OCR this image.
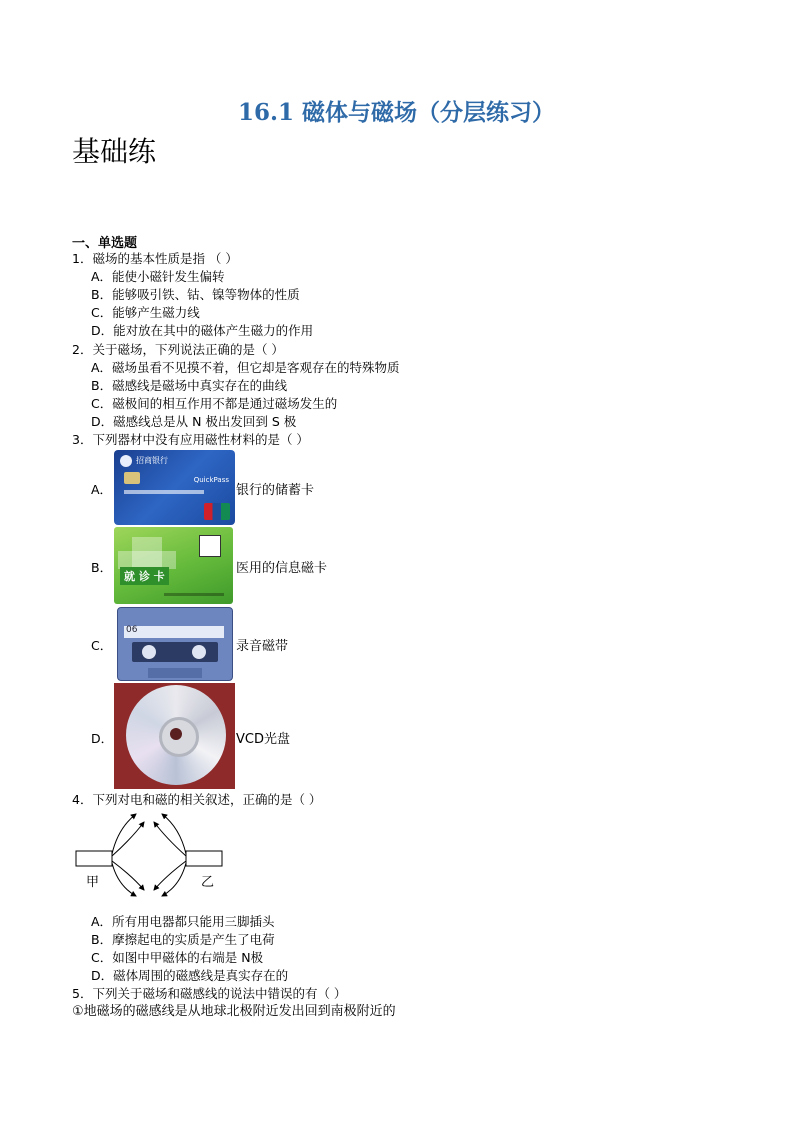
16.1 磁体与磁场（分层练习）
基础练
一、单选题
1．磁场的基本性质是指 （ ）
A．能使小磁针发生偏转
B．能够吸引铁、钴、镍等物体的性质
C．能够产生磁力线
D．能对放在其中的磁体产生磁力的作用
2．关于磁场，下列说法正确的是（ ）
A．磁场虽看不见摸不着，但它却是客观存在的特殊物质
B．磁感线是磁场中真实存在的曲线
C．磁极间的相互作用不都是通过磁场发生的
D．磁感线总是从 N 极出发回到 S 极
3．下列器材中没有应用磁性材料的是（ ）
A．
招商银行
QuickPass
银行的储蓄卡
B．
就 诊 卡
医用的信息磁卡
C．
06
录音磁带
D．	VCD光盘
4．下列对电和磁的相关叙述，正确的是（ ）
甲	乙
A．所有用电器都只能用三脚插头
B．摩擦起电的实质是产生了电荷
C．如图中甲磁体的右端是 N极
D．磁体周围的磁感线是真实存在的
5．下列关于磁场和磁感线的说法中错误的有（ ）
①地磁场的磁感线是从地球北极附近发出回到南极附近的
